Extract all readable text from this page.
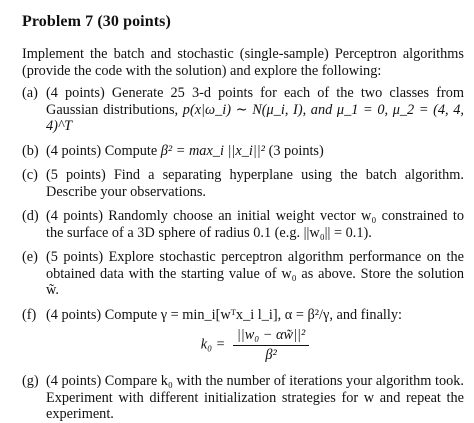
Problem 7 (30 points)
Implement the batch and stochastic (single-sample) Perceptron algorithms (provide the code with the solution) and explore the following:
(a) (4 points) Generate 25 3-d points for each of the two classes from Gaussian distributions, p(x|ω_i) ∼ N(μ_i, I), and μ_1 = 0, μ_2 = (4, 4, 4)^T
(b) (4 points) Compute β² = max_i ||x_i||² (3 points)
(c) (5 points) Find a separating hyperplane using the batch algorithm. Describe your observations.
(d) (4 points) Randomly choose an initial weight vector w₀ constrained to the surface of a 3D sphere of radius 0.1 (e.g. ||w₀|| = 0.1).
(e) (5 points) Explore stochastic perceptron algorithm performance on the obtained data with the starting value of w₀ as above. Store the solution w̃.
(f) (4 points) Compute γ = min_i[wᵀx_i l_i], α = β²/γ, and finally:
$k_0 = \frac{\text{||w₀ − αw̃||²}}{\text{β²}}$
(g) (4 points) Compare k₀ with the number of iterations your algorithm took. Experiment with different initialization strategies for w and repeat the experiment.
